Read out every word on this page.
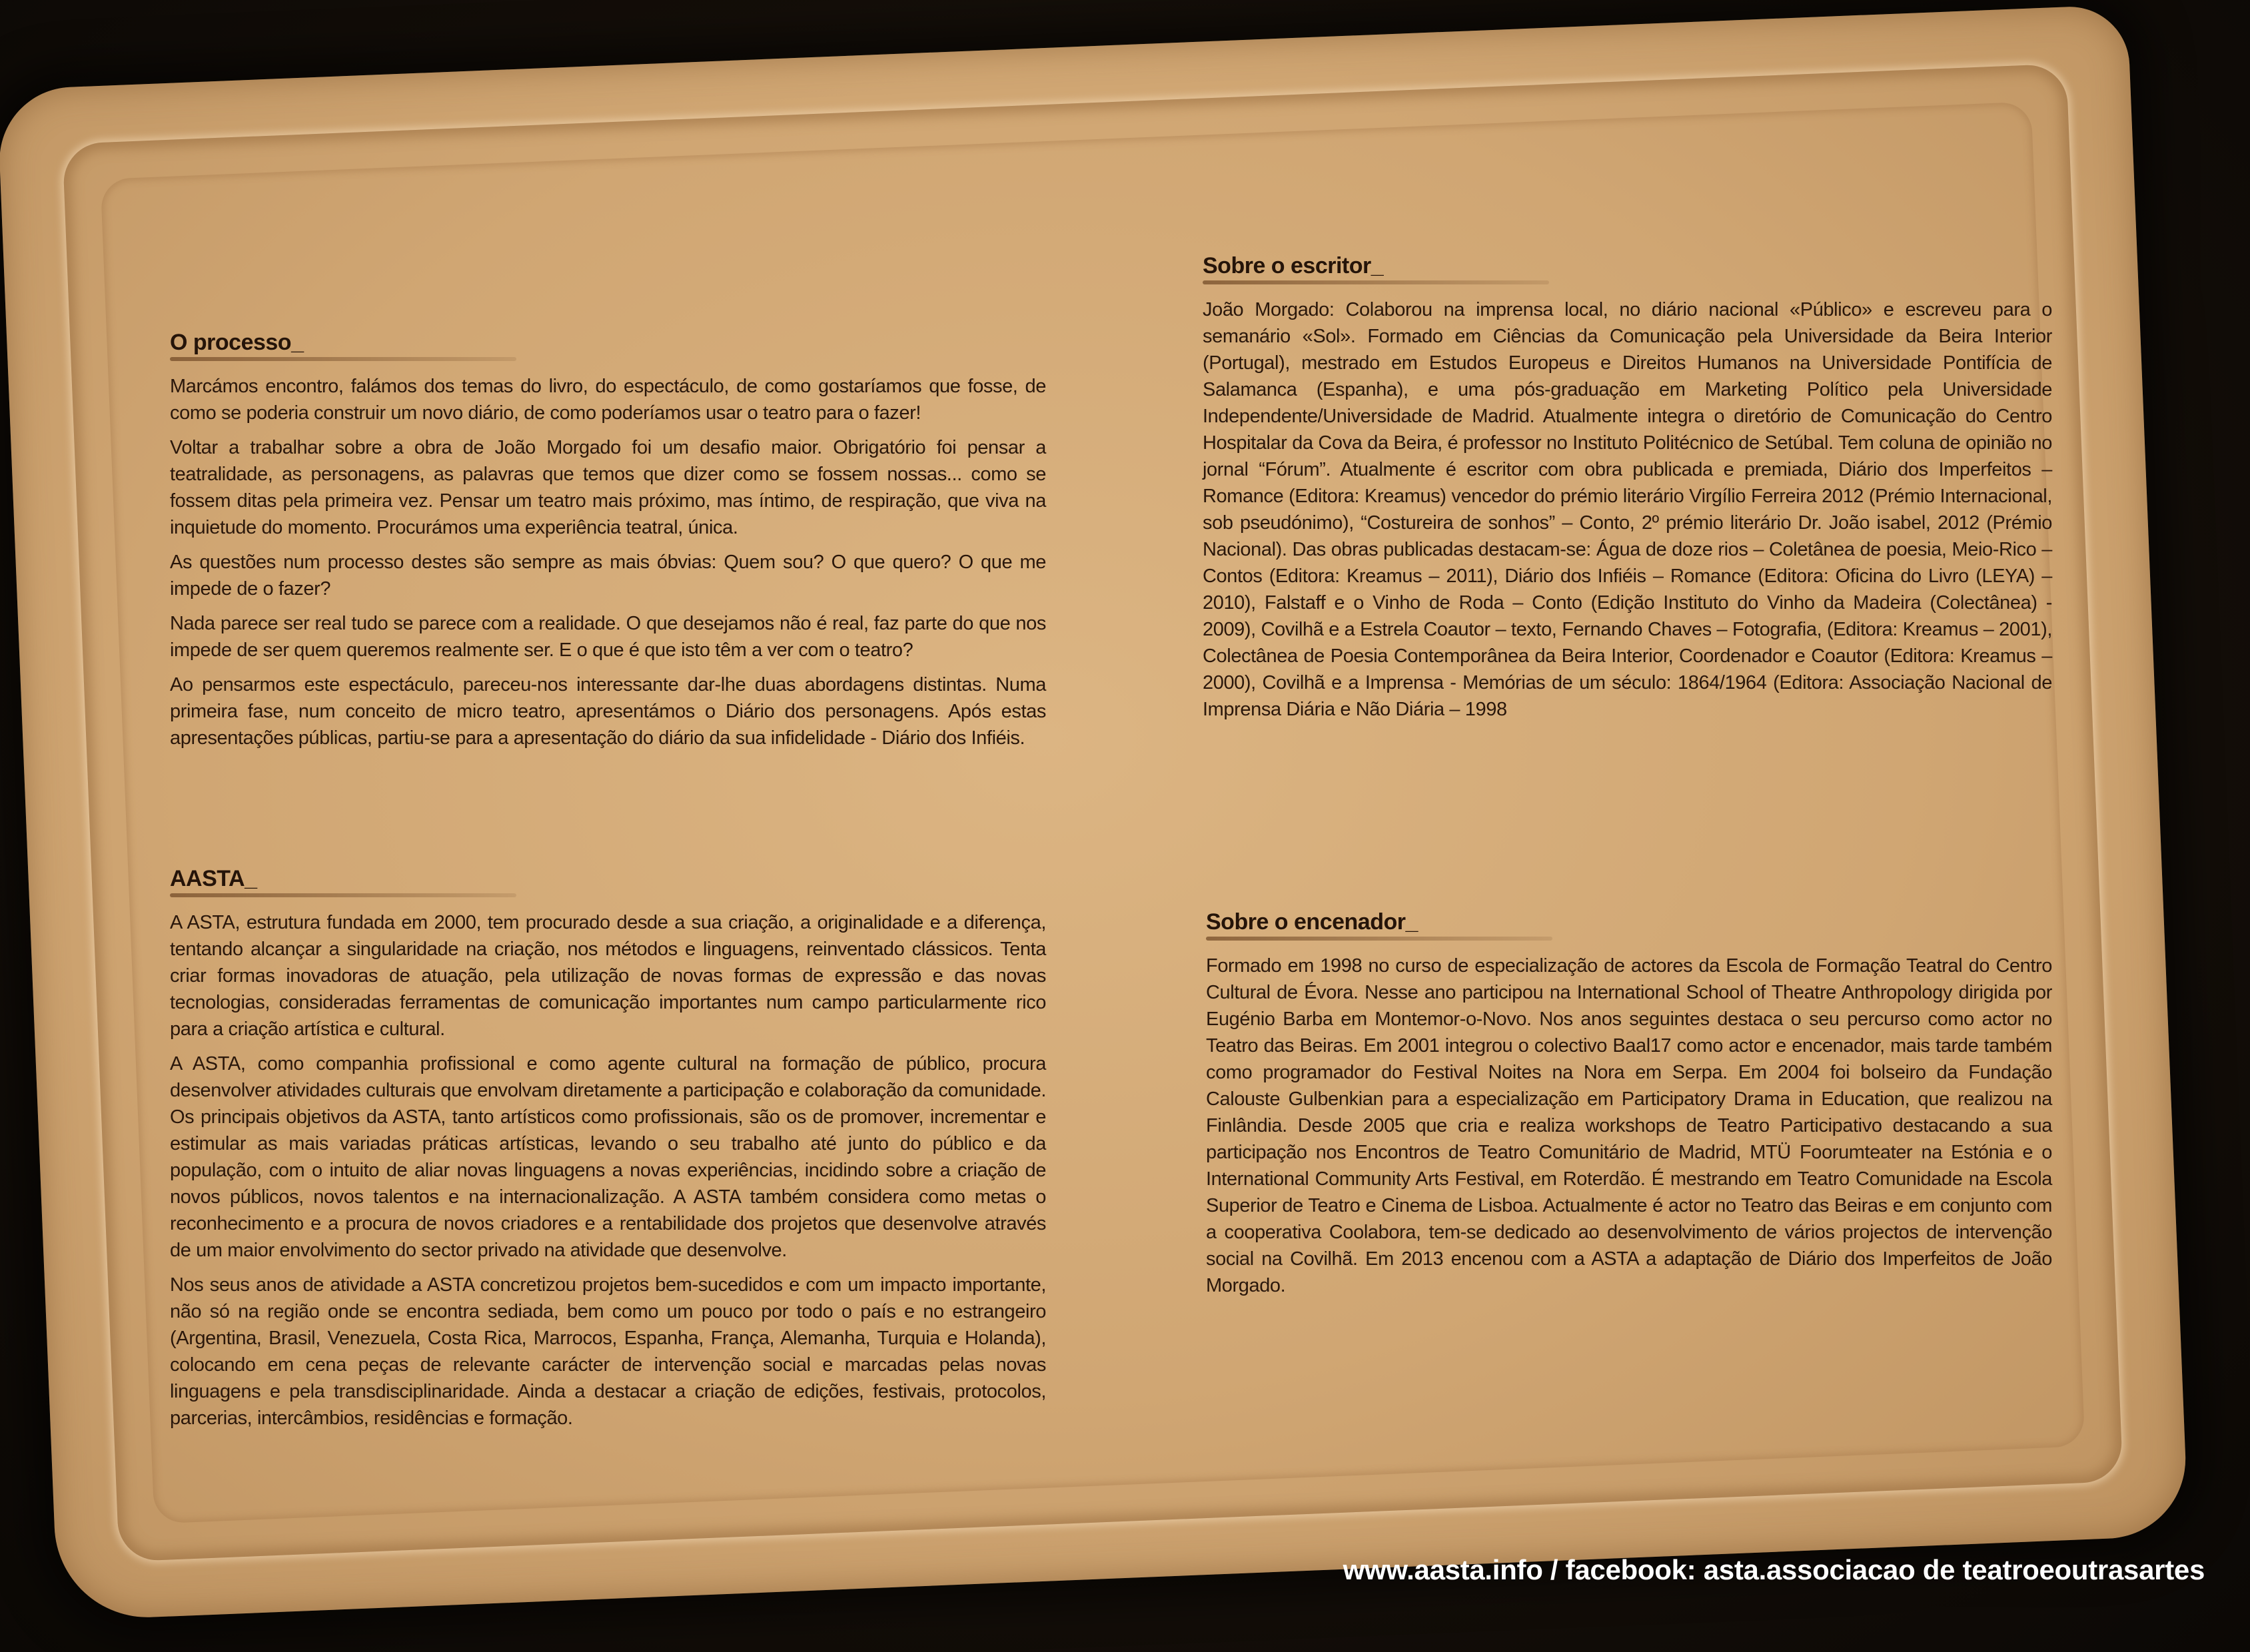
O processo_

Marcámos encontro, falámos dos temas do livro, do espectáculo, de como gostaríamos que fosse, de como se poderia construir um novo diário, de como poderíamos usar o teatro para o fazer!

Voltar a trabalhar sobre a obra de João Morgado foi um desafio maior. Obrigatório foi pensar a teatralidade, as personagens, as palavras que temos que dizer como se fossem nossas... como se fossem ditas pela primeira vez. Pensar um teatro mais próximo, mas íntimo, de respiração, que viva na inquietude do momento. Procurámos uma experiência teatral, única.

As questões num processo destes são sempre as mais óbvias: Quem sou? O que quero? O que me impede de o fazer?

Nada parece ser real tudo se parece com a realidade. O que desejamos não é real, faz parte do que nos impede de ser quem queremos realmente ser. E o que é que isto têm a ver com o teatro?

Ao pensarmos este espectáculo, pareceu-nos interessante dar-lhe duas abordagens distintas. Numa primeira fase, num conceito de micro teatro, apresentámos o Diário dos personagens. Após estas apresentações públicas, partiu-se para a apresentação do diário da sua infidelidade - Diário dos Infiéis.

AASTA_

A ASTA, estrutura fundada em 2000, tem procurado desde a sua criação, a originalidade e a diferença, tentando alcançar a singularidade na criação, nos métodos e linguagens, reinventado clássicos. Tenta criar formas inovadoras de atuação, pela utilização de novas formas de expressão e das novas tecnologias, consideradas ferramentas de comunicação importantes num campo particularmente rico para a criação artística e cultural.

A ASTA, como companhia profissional e como agente cultural na formação de público, procura desenvolver atividades culturais que envolvam diretamente a participação e colaboração da comunidade. Os principais objetivos da ASTA, tanto artísticos como profissionais, são os de promover, incrementar e estimular as mais variadas práticas artísticas, levando o seu trabalho até junto do público e da população, com o intuito de aliar novas linguagens a novas experiências, incidindo sobre a criação de novos públicos, novos talentos e na internacionalização. A ASTA também considera como metas o reconhecimento e a procura de novos criadores e a rentabilidade dos projetos que desenvolve através de um maior envolvimento do sector privado na atividade que desenvolve.

Nos seus anos de atividade a ASTA concretizou projetos bem-sucedidos e com um impacto importante, não só na região onde se encontra sediada, bem como um pouco por todo o país e no estrangeiro (Argentina, Brasil, Venezuela, Costa Rica, Marrocos, Espanha, França, Alemanha, Turquia e Holanda), colocando em cena peças de relevante carácter de intervenção social e marcadas pelas novas linguagens e pela transdisciplinaridade. Ainda a destacar a criação de edições, festivais, protocolos, parcerias, intercâmbios, residências e formação.

Sobre o escritor_

João Morgado: Colaborou na imprensa local, no diário nacional «Público» e escreveu para o semanário «Sol». Formado em Ciências da Comunicação pela Universidade da Beira Interior (Portugal), mestrado em Estudos Europeus e Direitos Humanos na Universidade Pontifícia de Salamanca (Espanha), e uma pós-graduação em Marketing Político pela Universidade Independente/Universidade de Madrid. Atualmente integra o diretório de Comunicação do Centro Hospitalar da Cova da Beira, é professor no Instituto Politécnico de Setúbal. Tem coluna de opinião no jornal “Fórum”. Atualmente é escritor com obra publicada e premiada, Diário dos Imperfeitos – Romance (Editora: Kreamus) vencedor do prémio literário Virgílio Ferreira 2012 (Prémio Internacional, sob pseudónimo), “Costureira de sonhos” – Conto, 2º prémio literário Dr. João isabel, 2012 (Prémio Nacional). Das obras publicadas destacam-se: Água de doze rios – Coletânea de poesia, Meio-Rico – Contos (Editora: Kreamus – 2011), Diário dos Infiéis – Romance (Editora: Oficina do Livro (LEYA) – 2010), Falstaff e o Vinho de Roda – Conto (Edição Instituto do Vinho da Madeira (Colectânea) - 2009), Covilhã e a Estrela Coautor – texto, Fernando Chaves – Fotografia, (Editora: Kreamus – 2001), Colectânea de Poesia Contemporânea da Beira Interior, Coordenador e Coautor (Editora: Kreamus – 2000), Covilhã e a Imprensa - Memórias de um século: 1864/1964 (Editora: Associação Nacional de Imprensa Diária e Não Diária – 1998

Sobre o encenador_

Formado em 1998 no curso de especialização de actores da Escola de Formação Teatral do Centro Cultural de Évora. Nesse ano participou na International School of Theatre Anthropology dirigida por Eugénio Barba em Montemor-o-Novo. Nos anos seguintes destaca o seu percurso como actor no Teatro das Beiras. Em 2001 integrou o colectivo Baal17 como actor e encenador, mais tarde também como programador do Festival Noites na Nora em Serpa. Em 2004 foi bolseiro da Fundação Calouste Gulbenkian para a especialização em Participatory Drama in Education, que realizou na Finlândia. Desde 2005 que cria e realiza workshops de Teatro Participativo destacando a sua participação nos Encontros de Teatro Comunitário de Madrid, MTÜ Foorumteater na Estónia e o International Community Arts Festival, em Roterdão. É mestrando em Teatro Comunidade na Escola Superior de Teatro e Cinema de Lisboa. Actualmente é actor no Teatro das Beiras e em conjunto com a cooperativa Coolabora, tem-se dedicado ao desenvolvimento de vários projectos de intervenção social na Covilhã. Em 2013 encenou com a ASTA a adaptação de Diário dos Imperfeitos de João Morgado.

www.aasta.info / facebook: asta.associacao de teatroeoutrasartes
